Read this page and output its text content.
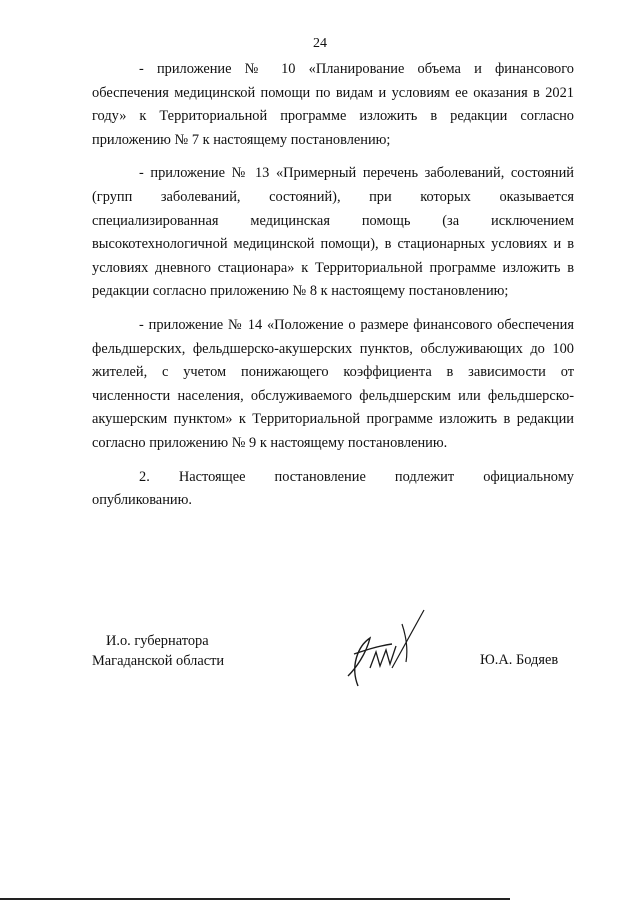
24

- приложение № 10 «Планирование объема и финансового обеспечения медицинской помощи по видам и условиям ее оказания в 2021 году» к Территориальной программе изложить в редакции согласно приложению № 7 к настоящему постановлению;

- приложение № 13 «Примерный перечень заболеваний, состояний (групп заболеваний, состояний), при которых оказывается специализированная медицинская помощь (за исключением высокотехнологичной медицинской помощи), в стационарных условиях и в условиях дневного стационара» к Территориальной программе изложить в редакции согласно приложению № 8 к настоящему постановлению;

- приложение № 14 «Положение о размере финансового обеспечения фельдшерских, фельдшерско-акушерских пунктов, обслуживающих до 100 жителей, с учетом понижающего коэффициента в зависимости от численности населения, обслуживаемого фельдшерским или фельдшерско-акушерским пунктом» к Территориальной программе изложить в редакции согласно приложению № 9 к настоящему постановлению.

2. Настоящее постановление подлежит официальному опубликованию.

И.о. губернатора
Магаданской области	Ю.А. Бодяев
